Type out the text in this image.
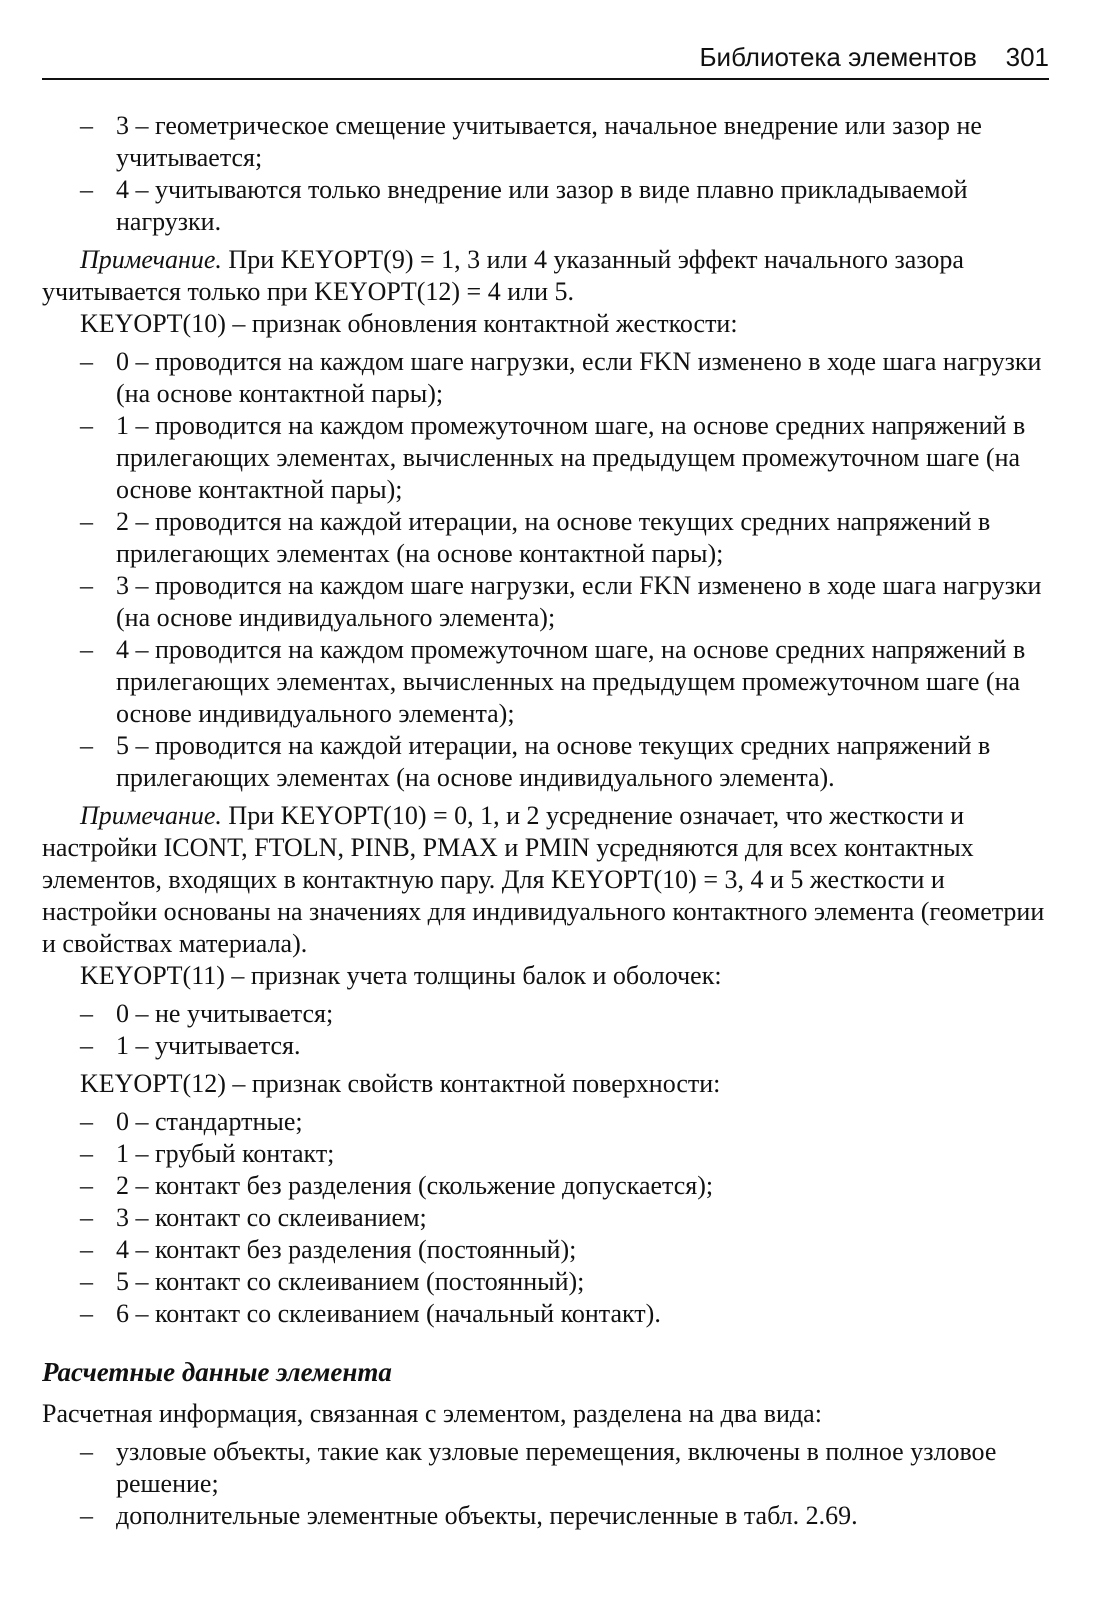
Библиотека элементов 301
– 3 – геометрическое смещение учитывается, начальное внедрение или зазор не учитывается;
– 4 – учитываются только внедрение или зазор в виде плавно прикладываемой нагрузки.

Примечание. При KEYOPT(9) = 1, 3 или 4 указанный эффект начального зазора учитывается только при KEYOPT(12) = 4 или 5.

KEYOPT(10) – признак обновления контактной жесткости:

– 0 – проводится на каждом шаге нагрузки, если FKN изменено в ходе шага нагрузки (на основе контактной пары);
– 1 – проводится на каждом промежуточном шаге, на основе средних напряжений в прилегающих элементах, вычисленных на предыдущем промежуточном шаге (на основе контактной пары);
– 2 – проводится на каждой итерации, на основе текущих средних напряжений в прилегающих элементах (на основе контактной пары);
– 3 – проводится на каждом шаге нагрузки, если FKN изменено в ходе шага нагрузки (на основе индивидуального элемента);
– 4 – проводится на каждом промежуточном шаге, на основе средних напряжений в прилегающих элементах, вычисленных на предыдущем промежуточном шаге (на основе индивидуального элемента);
– 5 – проводится на каждой итерации, на основе текущих средних напряжений в прилегающих элементах (на основе индивидуального элемента).

Примечание. При KEYOPT(10) = 0, 1, и 2 усреднение означает, что жесткости и настройки ICONT, FTOLN, PINB, PMAX и PMIN усредняются для всех контактных элементов, входящих в контактную пару. Для KEYOPT(10) = 3, 4 и 5 жесткости и настройки основаны на значениях для индивидуального контактного элемента (геометрии и свойствах материала).

KEYOPT(11) – признак учета толщины балок и оболочек:

– 0 – не учитывается;
– 1 – учитывается.

KEYOPT(12) – признак свойств контактной поверхности:

– 0 – стандартные;
– 1 – грубый контакт;
– 2 – контакт без разделения (скольжение допускается);
– 3 – контакт со склеиванием;
– 4 – контакт без разделения (постоянный);
– 5 – контакт со склеиванием (постоянный);
– 6 – контакт со склеиванием (начальный контакт).
Расчетные данные элемента

Расчетная информация, связанная с элементом, разделена на два вида:

– узловые объекты, такие как узловые перемещения, включены в полное узловое решение;
– дополнительные элементные объекты, перечисленные в табл. 2.69.
